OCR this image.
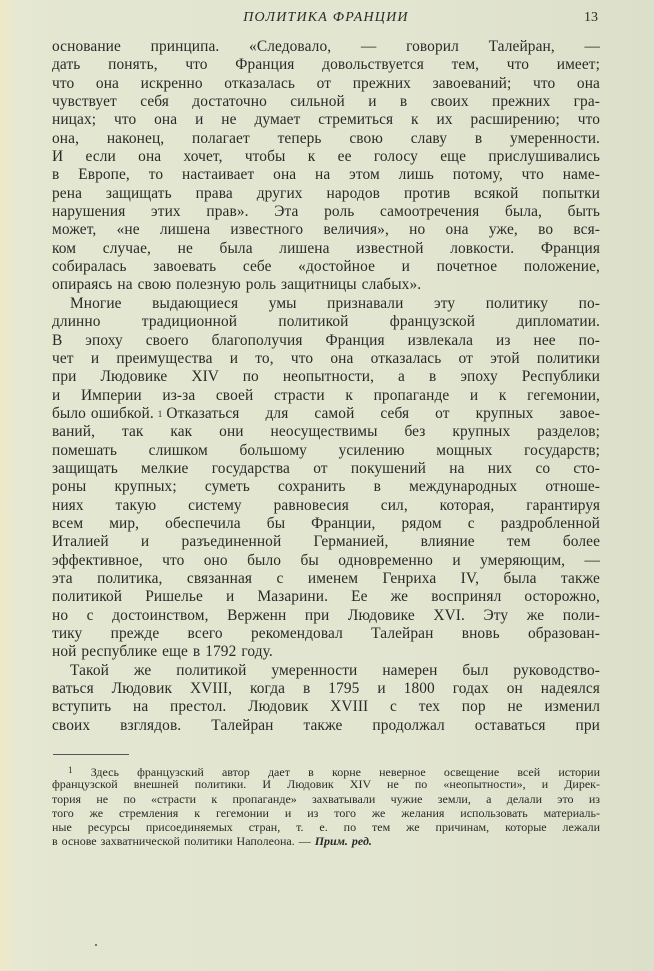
ПОЛИТИКА ФРАНЦИИ	13
основание принципа. «Следовало, — говорил Талейран, —
дать понять, что Франция довольствуется тем, что имеет;
что она искренно отказалась от прежних завоеваний; что она
чувствует себя достаточно сильной и в своих прежних гра-
ницах; что она и не думает стремиться к их расширению; что
она, наконец, полагает теперь свою славу в умеренности.
И если она хочет, чтобы к ее голосу еще прислушивались
в Европе, то настаивает она на этом лишь потому, что наме-
рена защищать права других народов против всякой попытки
нарушения этих прав». Эта роль самоотречения была, быть
может, «не лишена известного величия», но она уже, во вся-
ком случае, не была лишена известной ловкости. Франция
собиралась завоевать себе «достойное и почетное положение,
опираясь на свою полезную роль защитницы слабых».
Многие выдающиеся умы признавали эту политику по-
длинно традиционной политикой французской дипломатии.
В эпоху своего благополучия Франция извлекала из нее по-
чет и преимущества и то, что она отказалась от этой политики
при Людовике XIV по неопытности, а в эпоху Республики
и Империи из-за своей страсти к пропаганде и к гегемонии,
было ошибкой. 1 Отказаться для самой себя от крупных завое-
ваний, так как они неосуществимы без крупных разделов;
помешать слишком большому усилению мощных государств;
защищать мелкие государства от покушений на них со сто-
роны крупных; суметь сохранить в международных отноше-
ниях такую систему равновесия сил, которая, гарантируя
всем мир, обеспечила бы Франции, рядом с раздробленной
Италией и разъединенной Германией, влияние тем более
эффективное, что оно было бы одновременно и умеряющим, —
эта политика, связанная с именем Генриха IV, была также
политикой Ришелье и Мазарини. Ее же воспринял осторожно,
но с достоинством, Верженн при Людовике XVI. Эту же поли-
тику прежде всего рекомендовал Талейран вновь образован-
ной республике еще в 1792 году.
Такой же политикой умеренности намерен был руководство-
ваться Людовик XVIII, когда в 1795 и 1800 годах он надеялся
вступить на престол. Людовик XVIII с тех пор не изменил
своих взглядов. Талейран также продолжал оставаться при
$^1$ Здесь французский автор дает в корне неверное освещение всей истории
французской внешней политики. И Людовик XIV не по «неопытности», и Дирек-
тория не по «страсти к пропаганде» захватывали чужие земли, а делали это из
того же стремления к гегемонии и из того же желания использовать материаль-
ные ресурсы присоединяемых стран, т. е. по тем же причинам, которые лежали
в основе захватнической политики Наполеона. — Прим. ред.
